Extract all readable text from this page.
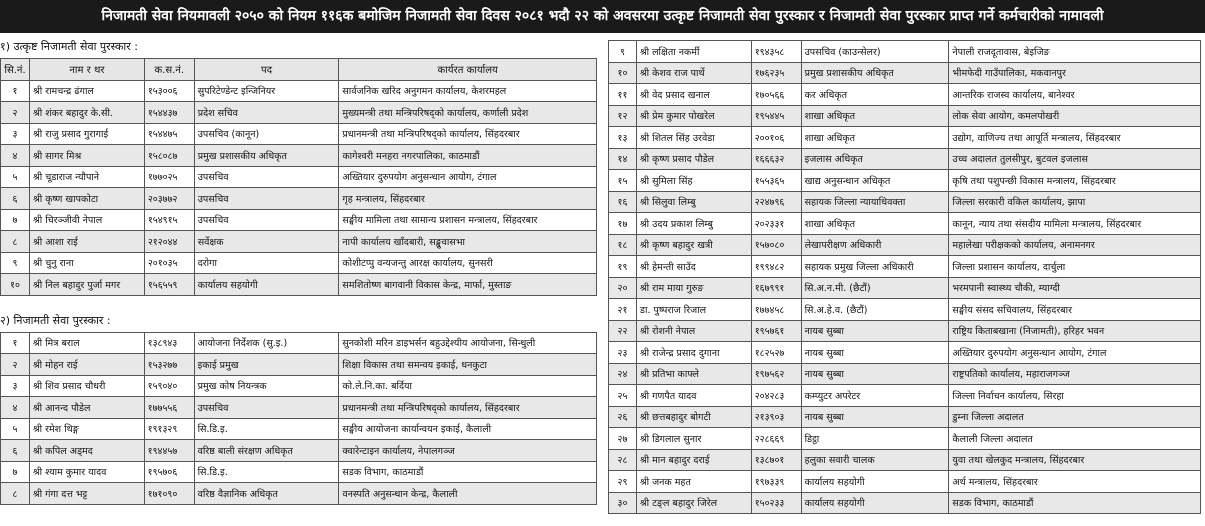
निजामती सेवा नियमावली २०५० को नियम ११६क बमोजिम निजामती सेवा दिवस २०८१ भदौ २२ को अवसरमा उत्कृष्ट निजामती सेवा पुरस्कार र निजामती सेवा पुरस्कार प्राप्त गर्ने कर्मचारीको नामावली
१) उत्कृष्ट निजामती सेवा पुरस्कार :
सि.नं.	नाम र थर	क.स.नं.	पद	कार्यरत कार्यालय
१	श्री रामचन्द्र ढंगाल	१५३००६	सुपरिटेण्डेन्ट इन्जिनियर	सार्वजनिक खरिद अनुगमन कार्यालय, केशरमहल
२	श्री शंकर बहादुर के.सी.	१५४४३७	प्रदेश सचिव	मुख्यमन्त्री तथा मन्त्रिपरिषद्को कार्यालय, कर्णाली प्रदेश
३	श्री राजु प्रसाद गुरागाई	१५४४७५	उपसचिव (कानून)	प्रधानमन्त्री तथा मन्त्रिपरिषद्को कार्यालय, सिंहदरबार
४	श्री सागर मिश्र	१५८०८७	प्रमुख प्रशासकीय अधिकृत	कागेश्वरी मनहरा नगरपालिका, काठमाडौं
५	श्री चूडाराज न्यौपाने	१७७०२५	उपसचिव	अख्तियार दुरुपयोग अनुसन्धान आयोग, टंगाल
६	श्री कृष्ण खापकोटा	२०३७७२	उपसचिव	गृह मन्त्रालय, सिंहदरबार
७	श्री चिरञ्जीवी नेपाल	१५४९१५	उपसचिव	सङ्घीय मामिला तथा सामान्य प्रशासन मन्त्रालय, सिंहदरबार
८	श्री आशा राई	२१२०४४	सर्वेक्षक	नापी कार्यालय खाँदबारी, सङ्खुवासभा
९	श्री चुनु राना	२०१०३५	दरोगा	कोशीटप्पु वन्यजन्तु आरक्ष कार्यालय, सुनसरी
१०	श्री निल बहादुर पुर्जा मगर	१५६५५९	कार्यालय सहयोगी	समशितोष्ण बागवानी विकास केन्द्र, मार्फा, मुस्ताङ
२) निजामती सेवा पुरस्कार :
१	श्री मित्र बराल	१३८९४३	आयोजना निर्देशक (सु.इ.)	सुनकोशी मरिन डाइभर्सन बहुउद्देश्यीय आयोजना, सिन्धुली
२	श्री मोहन राई	१५३२७७	इकाई प्रमुख	शिक्षा विकास तथा समन्वय इकाई, धनकुटा
३	श्री शिव प्रसाद चौधरी	१५९०४०	प्रमुख कोष नियन्त्रक	को.ले.नि.का. बर्दिया
४	श्री आनन्द पौडेल	१७७५५६	उपसचिव	प्रधानमन्त्री तथा मन्त्रिपरिषद्को कार्यालय, सिंहदरबार
५	श्री रमेश थिङ्ग	१९१३२९	सि.डि.इ.	सङ्घीय आयोजना कार्यान्वयन इकाई, कैलाली
६	श्री कपिल अड्मद	१९४४५७	वरिष्ठ बाली संरक्षण अधिकृत	क्वारेन्टाइन कार्यालय, नेपालगञ्ज
७	श्री श्याम कुमार यादव	१९५७०६	सि.डि.इ.	सडक विभाग, काठमाडौं
८	श्री गंगा दत्त भट्ट	१७१०९०	वरिष्ठ वैज्ञानिक अधिकृत	वनस्पति अनुसन्धान केन्द्र, कैलाली
९	श्री लक्षिता नकर्मी	१९४३५८	उपसचिव (काउन्सेलर)	नेपाली राजदूतावास, बेइजिङ
१०	श्री केशव राज पार्थे	१७६२३५	प्रमुख प्रशासकीय अधिकृत	भीमफेदी गाउँपालिका, मकवानपुर
११	श्री वेद प्रसाद खनाल	१७०५६६	कर अधिकृत	आन्तरिक राजस्व कार्यालय, बानेश्वर
१२	श्री प्रेम कुमार पोखरेल	१९५४४५	शाखा अधिकृत	लोक सेवा आयोग, कमलपोखरी
१३	श्री शितल सिंह उरवेडा	२००१०६	शाखा अधिकृत	उद्योग, वाणिज्य तथा आपूर्ति मन्त्रालय, सिंहदरबार
१४	श्री कृष्ण प्रसाद पौडेल	१६६६३२	इजलास अधिकृत	उच्च अदालत तुलसीपुर, बुटवल इजलास
१५	श्री सुमिला सिंह	१५५३६५	खाद्य अनुसन्धान अधिकृत	कृषि तथा पशुपन्छी विकास मन्त्रालय, सिंहदरबार
१६	श्री सिलुवा लिम्बु	२२४७९६	सहायक जिल्ला न्यायाधिवक्ता	जिल्ला सरकारी वकिल कार्यालय, झापा
१७	श्री उदय प्रकाश लिम्बु	२०२३३१	शाखा अधिकृत	कानून, न्याय तथा संसदीय मामिला मन्त्रालय, सिंहदरबार
१८	श्री कृष्ण बहादुर खत्री	१५७०८०	लेखापरीक्षण अधिकारी	महालेखा परीक्षकको कार्यालय, अनामनगर
१९	श्री हेमन्ती साउँद	१९९४८२	सहायक प्रमुख जिल्ला अधिकारी	जिल्ला प्रशासन कार्यालय, दार्चुला
२०	श्री राम माया गुरुङ	१६७९९१	सि.अ.न.मी. (छैटौं)	भरमपानी स्वास्थ्य चौकी, म्याग्दी
२१	डा. पुष्पराज रिजाल	१७७४५८	सि.अ.हे.व. (छैटौं)	सङ्घीय संसद सचिवालय, सिंहदरबार
२२	श्री रोशनी नेपाल	१९५७६१	नायब सुब्बा	राष्ट्रिय किताबखाना (निजामती), हरिहर भवन
२३	श्री राजेन्द्र प्रसाद दुगाना	१८२५२७	नायब सुब्बा	अख्तियार दुरुपयोग अनुसन्धान आयोग, टंगाल
२४	श्री प्रतिभा काफ्ले	१९७५६२	नायब सुब्बा	राष्ट्रपतिको कार्यालय, महाराजगञ्ज
२५	श्री गणपैत यादव	२०४२८३	कम्प्युटर अपरेटर	जिल्ला निर्वाचन कार्यालय, सिरहा
२६	श्री छत्तबहादुर बोगटी	२१३९०३	नायब सुब्बा	डुम्ना जिल्ला अदालत
२७	श्री डिगलाल सुनार	२२८६६९	डिट्ठा	कैलाली जिल्ला अदालत
२८	श्री मान बहादुर दराई	१३८७०१	हलुका सवारी चालक	युवा तथा खेलकुद मन्त्रालय, सिंहदरबार
२९	श्री जनक महत	१९७३३९	कार्यालय सहयोगी	अर्थ मन्त्रालय, सिंहदरबार
३०	श्री टङ्ल बहादुर जिरेल	१५०२३३	कार्यालय सहयोगी	सडक विभाग, काठमाडौं
